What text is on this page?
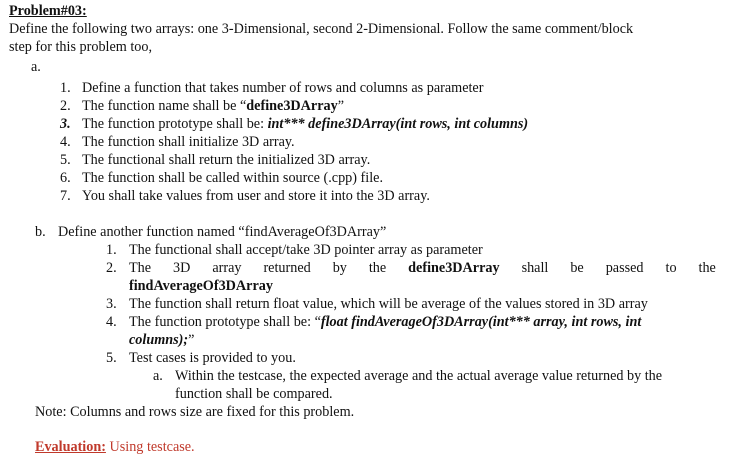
Problem#03:
Define the following two arrays: one 3-Dimensional, second 2-Dimensional. Follow the same comment/block
step for this problem too,
a.
1. Define a function that takes number of rows and columns as parameter
2. The function name shall be “define3DArray”
3. The function prototype shall be: int*** define3DArray(int rows, int columns)
4. The function shall initialize 3D array.
5. The functional shall return the initialized 3D array.
6. The function shall be called within source (.cpp) file.
7. You shall take values from user and store it into the 3D array.
b. Define another function named “findAverageOf3DArray”
1. The functional shall accept/take 3D pointer array as parameter
2. The 3D array returned by the define3DArray shall be passed to the
findAverageOf3DArray
3. The function shall return float value, which will be average of the values stored in 3D array
4. The function prototype shall be: “float findAverageOf3DArray(int*** array, int rows, int
columns);”
5. Test cases is provided to you.
a. Within the testcase, the expected average and the actual average value returned by the
function shall be compared.
Note: Columns and rows size are fixed for this problem.
Evaluation: Using testcase.
